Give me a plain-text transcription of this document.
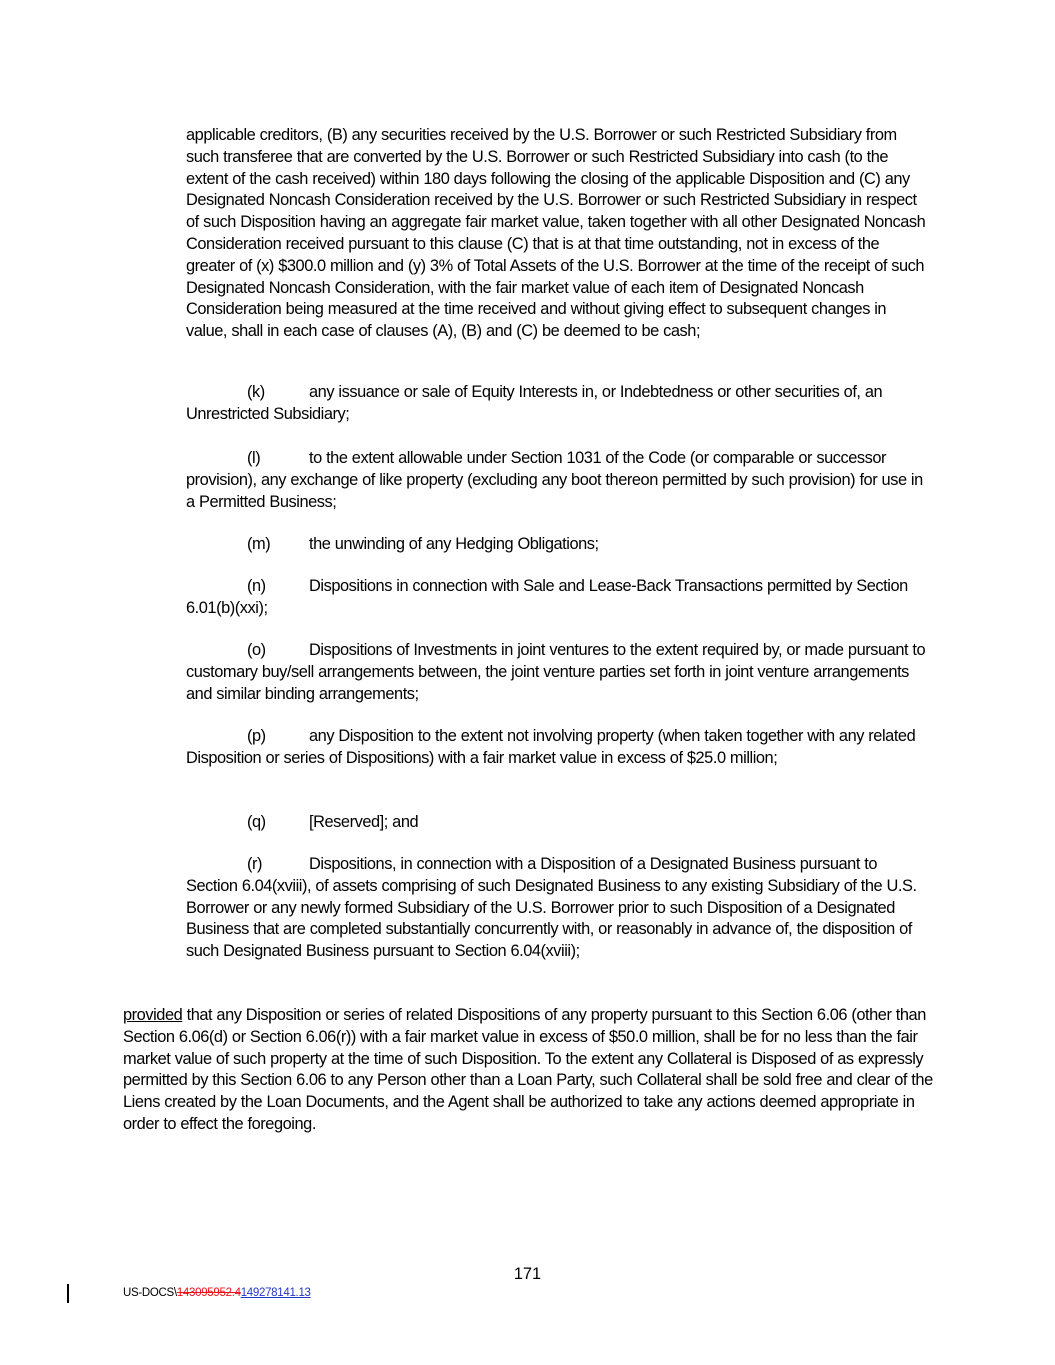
applicable creditors, (B) any securities received by the U.S. Borrower or such Restricted Subsidiary from such transferee that are converted by the U.S. Borrower or such Restricted Subsidiary into cash (to the extent of the cash received) within 180 days following the closing of the applicable Disposition and (C) any Designated Noncash Consideration received by the U.S. Borrower or such Restricted Subsidiary in respect of such Disposition having an aggregate fair market value, taken together with all other Designated Noncash Consideration received pursuant to this clause (C) that is at that time outstanding, not in excess of the greater of (x) $300.0 million and (y) 3% of Total Assets of the U.S. Borrower at the time of the receipt of such Designated Noncash Consideration, with the fair market value of each item of Designated Noncash Consideration being measured at the time received and without giving effect to subsequent changes in value, shall in each case of clauses (A), (B) and (C) be deemed to be cash;

(k)	any issuance or sale of Equity Interests in, or Indebtedness or other securities of, an Unrestricted Subsidiary;

(l)	to the extent allowable under Section 1031 of the Code (or comparable or successor provision), any exchange of like property (excluding any boot thereon permitted by such provision) for use in a Permitted Business;

(m) the unwinding of any Hedging Obligations;

(n)	Dispositions in connection with Sale and Lease-Back Transactions permitted by Section 6.01(b)(xxi);

(o)	Dispositions of Investments in joint ventures to the extent required by, or made pursuant to customary buy/sell arrangements between, the joint venture parties set forth in joint venture arrangements and similar binding arrangements;

(p)	any Disposition to the extent not involving property (when taken together with any related Disposition or series of Dispositions) with a fair market value in excess of $25.0 million;

(q)	[Reserved]; and

(r)	Dispositions, in connection with a Disposition of a Designated Business pursuant to Section 6.04(xviii), of assets comprising of such Designated Business to any existing Subsidiary of the U.S. Borrower or any newly formed Subsidiary of the U.S. Borrower prior to such Disposition of a Designated Business that are completed substantially concurrently with, or reasonably in advance of, the disposition of such Designated Business pursuant to Section 6.04(xviii);

provided that any Disposition or series of related Dispositions of any property pursuant to this Section 6.06 (other than Section 6.06(d) or Section 6.06(r)) with a fair market value in excess of $50.0 million, shall be for no less than the fair market value of such property at the time of such Disposition. To the extent any Collateral is Disposed of as expressly permitted by this Section 6.06 to any Person other than a Loan Party, such Collateral shall be sold free and clear of the Liens created by the Loan Documents, and the Agent shall be authorized to take any actions deemed appropriate in order to effect the foregoing.

171
US-DOCS\143095952.4149278141.13
